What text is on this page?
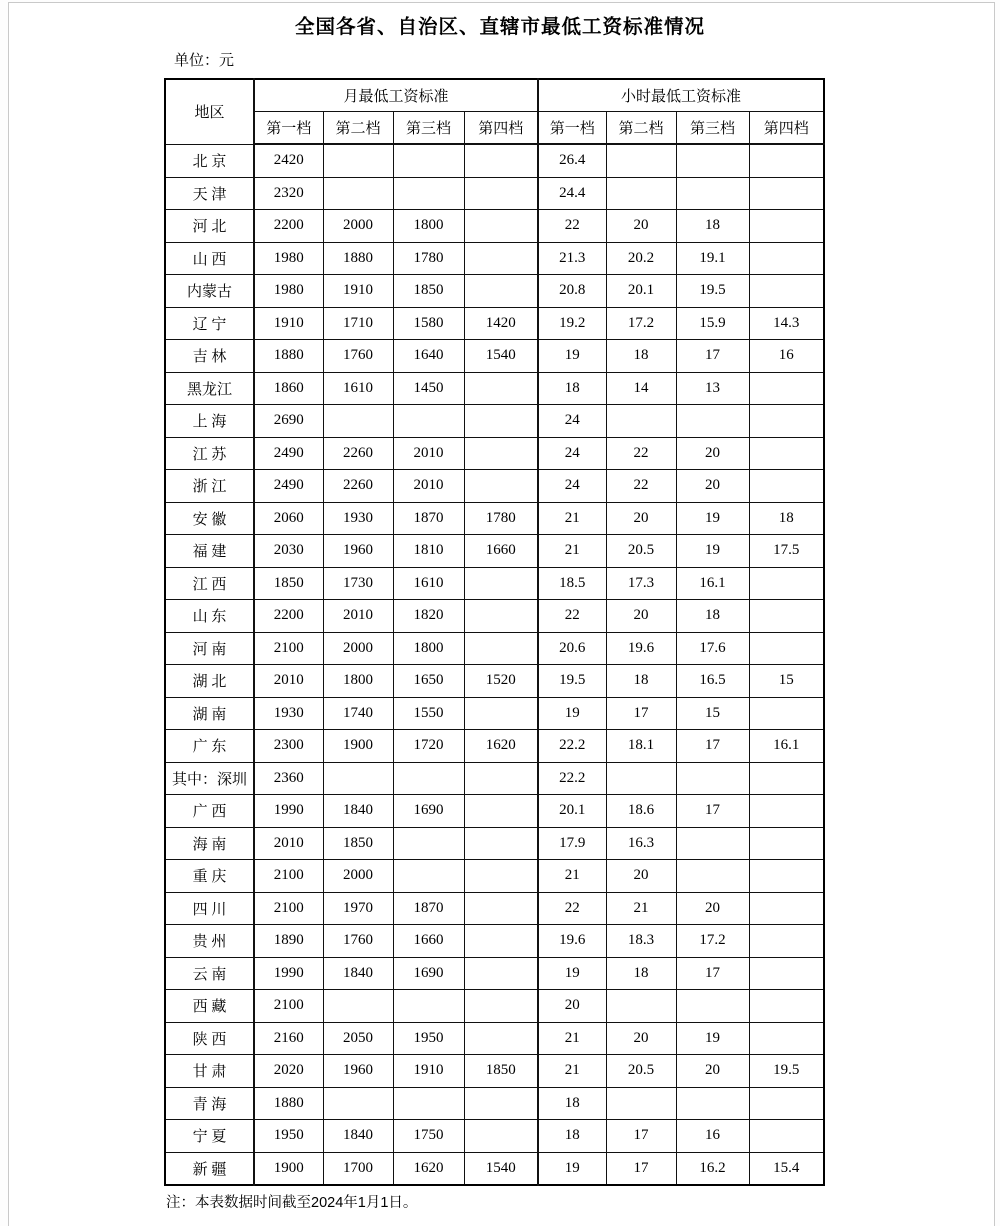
全国各省、自治区、直辖市最低工资标准情况
单位：元
地区	月最低工资标准				小时最低工资标准			
	第一档	第二档	第三档	第四档	第一档	第二档	第三档	第四档
北 京	2420				26.4			
天 津	2320				24.4			
河 北	2200	2000	1800		22	20	18	
山 西	1980	1880	1780		21.3	20.2	19.1	
内蒙古	1980	1910	1850		20.8	20.1	19.5	
辽 宁	1910	1710	1580	1420	19.2	17.2	15.9	14.3
吉 林	1880	1760	1640	1540	19	18	17	16
黑龙江	1860	1610	1450		18	14	13	
上 海	2690				24			
江 苏	2490	2260	2010		24	22	20	
浙 江	2490	2260	2010		24	22	20	
安 徽	2060	1930	1870	1780	21	20	19	18
福 建	2030	1960	1810	1660	21	20.5	19	17.5
江 西	1850	1730	1610		18.5	17.3	16.1	
山 东	2200	2010	1820		22	20	18	
河 南	2100	2000	1800		20.6	19.6	17.6	
湖 北	2010	1800	1650	1520	19.5	18	16.5	15
湖 南	1930	1740	1550		19	17	15	
广 东	2300	1900	1720	1620	22.2	18.1	17	16.1
其中：深圳	2360				22.2			
广 西	1990	1840	1690		20.1	18.6	17	
海 南	2010	1850			17.9	16.3		
重 庆	2100	2000			21	20		
四 川	2100	1970	1870		22	21	20	
贵 州	1890	1760	1660		19.6	18.3	17.2	
云 南	1990	1840	1690		19	18	17	
西 藏	2100				20			
陕 西	2160	2050	1950		21	20	19	
甘 肃	2020	1960	1910	1850	21	20.5	20	19.5
青 海	1880				18			
宁 夏	1950	1840	1750		18	17	16	
新 疆	1900	1700	1620	1540	19	17	16.2	15.4
注：本表数据时间截至2024年1月1日。
